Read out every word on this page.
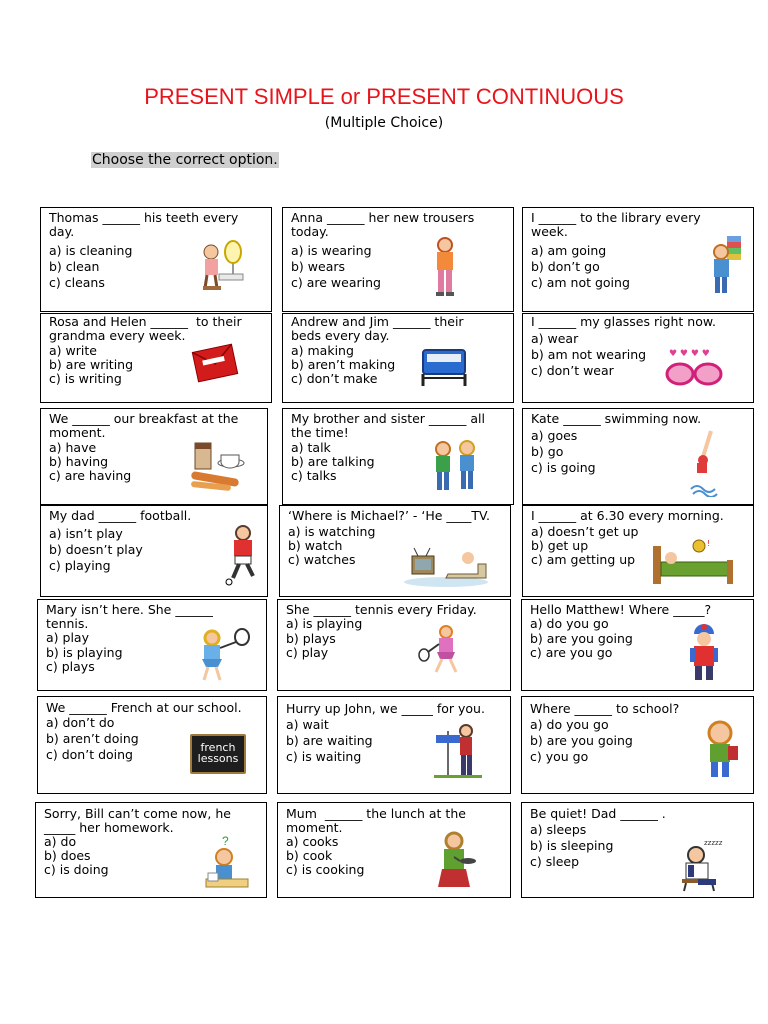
PRESENT SIMPLE or PRESENT CONTINUOUS
(Multiple Choice)
Choose the correct option.
Thomas ______ his teeth every
day.
a) is cleaning
b) clean
c) cleans
Anna ______ her new trousers
today.
a) is wearing
b) wears
c) are wearing
I ______ to the library every
week.
a) am going
b) don’t go
c) am not going
Rosa and Helen ______  to their
grandma every week.
a) write
b) are writing
c) is writing
Andrew and Jim ______ their
beds every day.
a) making
b) aren’t making
c) don’t make
I ______ my glasses right now.
a) wear
b) am not wearing
c) don’t wear
♥ ♥ ♥ ♥
We ______ our breakfast at the
moment.
a) have
b) having
c) are having
My brother and sister ______ all
the time!
a) talk
b) are talking
c) talks
Kate ______ swimming now.
a) goes
b) go
c) is going
My dad ______ football.
a) isn’t play
b) doesn’t play
c) playing
‘Where is Michael?’ - ‘He ____TV.
a) is watching
b) watch
c) watches
I ______ at 6.30 every morning.
a) doesn’t get up
b) get up
c) am getting up
!
Mary isn’t here. She ______
tennis.
a) play
b) is playing
c) plays
She ______ tennis every Friday.
a) is playing
b) plays
c) play
Hello Matthew! Where _____?
a) do you go
b) are you going
c) are you go
We ______ French at our school.
a) don’t do
b) aren’t doing
c) don’t doing	french lessons
Hurry up John, we _____ for you.
a) wait
b) are waiting
c) is waiting
Where ______ to school?
a) do you go
b) are you going
c) you go
Sorry, Bill can’t come now, he
_____ her homework.
a) do
b) does
c) is doing
?
Mum  ______ the lunch at the
moment.
a) cooks
b) cook
c) is cooking
Be quiet! Dad ______ .
a) sleeps
b) is sleeping
c) sleep
zzzzz
